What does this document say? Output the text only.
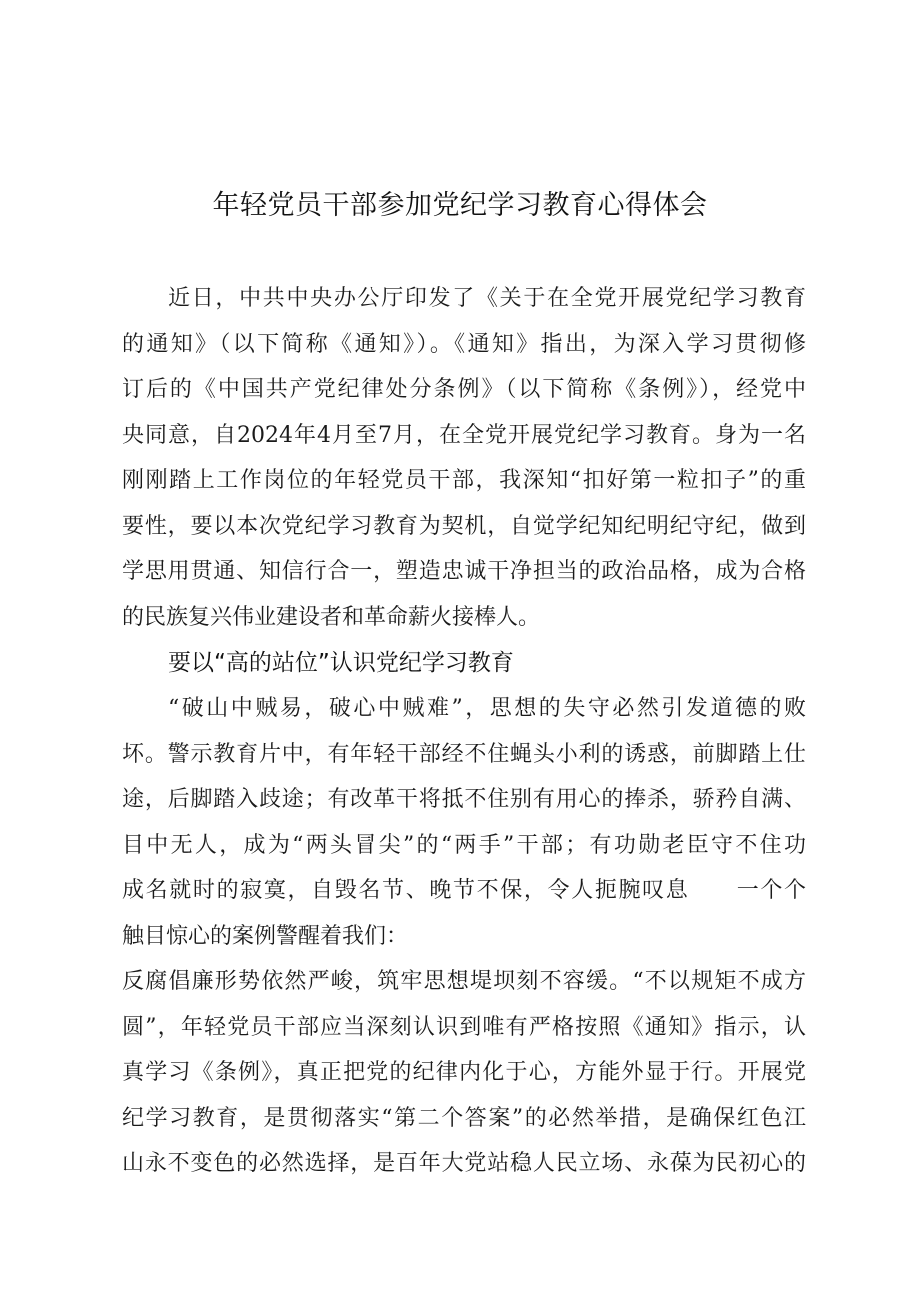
年轻党员干部参加党纪学习教育心得体会
近日，中共中央办公厅印发了《关于在全党开展党纪学习教育
的通知》（以下简称《通知》）。《通知》指出，为深入学习贯彻修
订后的《中国共产党纪律处分条例》（以下简称《条例》），经党中
央同意，自2024年4月至7月，在全党开展党纪学习教育。身为一名
刚刚踏上工作岗位的年轻党员干部，我深知“扣好第一粒扣子”的重
要性，要以本次党纪学习教育为契机，自觉学纪知纪明纪守纪，做到
学思用贯通、知信行合一，塑造忠诚干净担当的政治品格，成为合格
的民族复兴伟业建设者和革命薪火接棒人。
要以“高的站位”认识党纪学习教育
“破山中贼易，破心中贼难”，思想的失守必然引发道德的败
坏。警示教育片中，有年轻干部经不住蝇头小利的诱惑，前脚踏上仕
途，后脚踏入歧途；有改革干将抵不住别有用心的捧杀，骄矜自满、
目中无人，成为“两头冒尖”的“两手”干部；有功勋老臣守不住功
成名就时的寂寞，自毁名节、晚节不保，令人扼腕叹息　　一个个
触目惊心的案例警醒着我们：
反腐倡廉形势依然严峻，筑牢思想堤坝刻不容缓。“不以规矩不成方
圆”，年轻党员干部应当深刻认识到唯有严格按照《通知》指示，认
真学习《条例》，真正把党的纪律内化于心，方能外显于行。开展党
纪学习教育，是贯彻落实“第二个答案”的必然举措，是确保红色江
山永不变色的必然选择，是百年大党站稳人民立场、永葆为民初心的
